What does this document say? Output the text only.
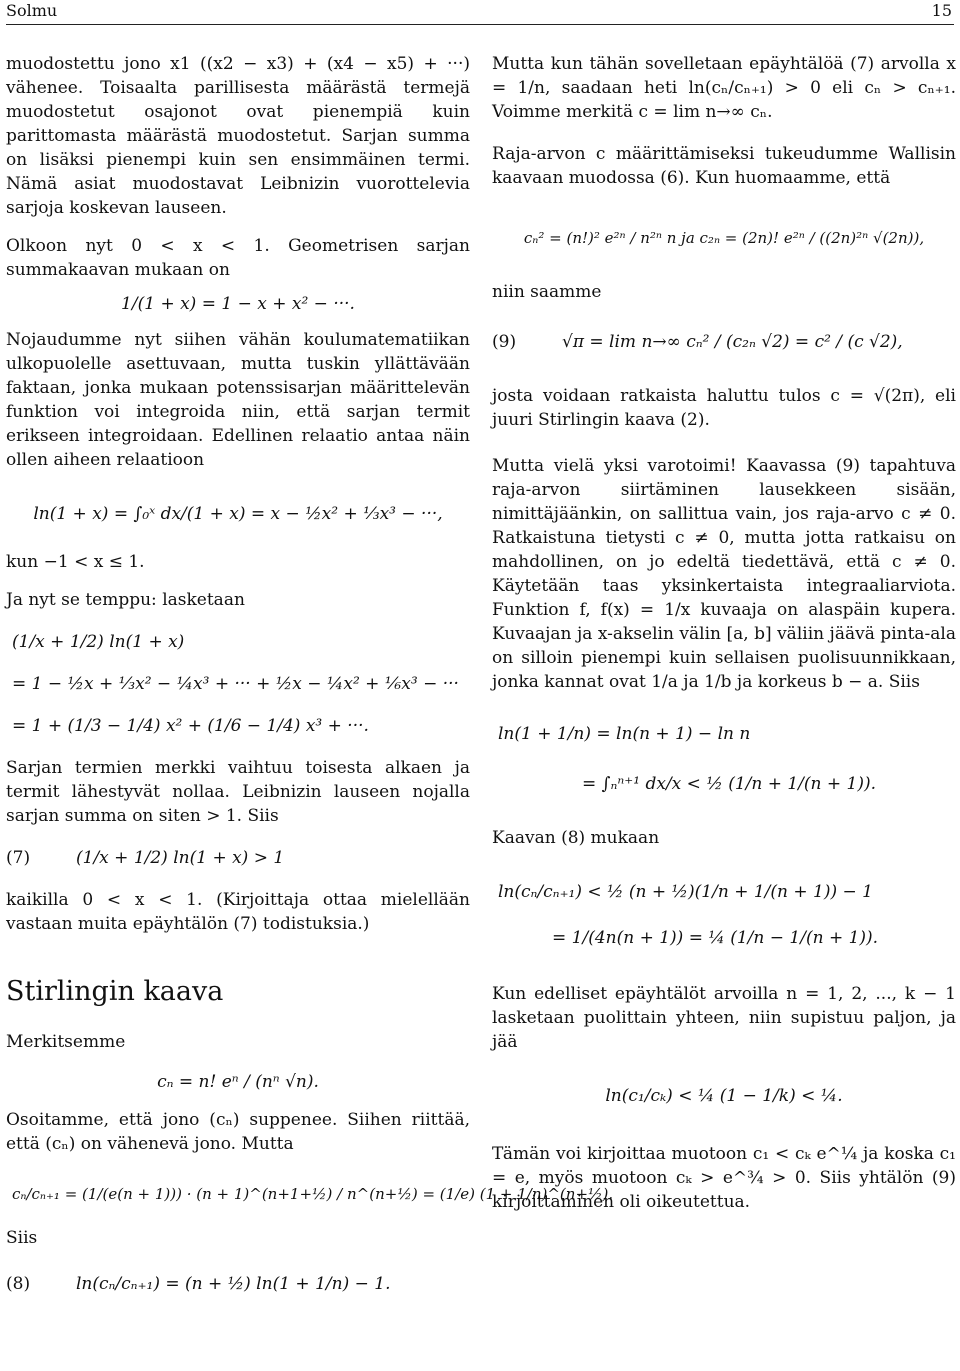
Solmu	15

muodostettu jono x1 ((x2 − x3) + (x4 − x5) + ···) vähenee. Toisaalta parillisesta määrästä termejä muodostetut osajonot ovat pienempiä kuin parittomasta määrästä muodostetut. Sarjan summa on lisäksi pienempi kuin sen ensimmäinen termi. Nämä asiat muodostavat Leibnizin vuorottelevia sarjoja koskevan lauseen.

Olkoon nyt 0 < x < 1. Geometrisen sarjan summakaavan mukaan on

1/(1 + x) = 1 − x + x² − ···.

Nojaudumme nyt siihen vähän koulumatematiikan ulkopuolelle asettuvaan, mutta tuskin yllättävään faktaan, jonka mukaan potenssisarjan määrittelevän funktion voi integroida niin, että sarjan termit erikseen integroidaan. Edellinen relaatio antaa näin ollen aiheen relaatioon

ln(1 + x) = ∫₀ˣ dx/(1 + x) = x − ½x² + ⅓x³ − ···,

kun −1 < x ≤ 1.

Ja nyt se temppu: lasketaan

(1/x + 1/2) ln(1 + x)
= 1 − ½x + ⅓x² − ¼x³ + ··· + ½x − ¼x² + ⅙x³ − ···
= 1 + (1/3 − 1/4) x² + (1/6 − 1/4) x³ + ···.

Sarjan termien merkki vaihtuu toisesta alkaen ja termit lähestyvät nollaa. Leibnizin lauseen nojalla sarjan summa on siten > 1. Siis

(7)	(1/x + 1/2) ln(1 + x) > 1

kaikilla 0 < x < 1. (Kirjoittaja ottaa mielellään vastaan muita epäyhtälön (7) todistuksia.)

Stirlingin kaava

Merkitsemme

cₙ = n! eⁿ / (nⁿ √n).

Osoitamme, että jono (cₙ) suppenee. Siihen riittää, että (cₙ) on vähenevä jono. Mutta

cₙ/cₙ₊₁ = (1/(e(n + 1))) · (n + 1)^(n+1+½) / n^(n+½) = (1/e) (1 + 1/n)^(n+½).

Siis

(8)	ln(cₙ/cₙ₊₁) = (n + ½) ln(1 + 1/n) − 1.

Mutta kun tähän sovelletaan epäyhtälöä (7) arvolla x = 1/n, saadaan heti ln(cₙ/cₙ₊₁) > 0 eli cₙ > cₙ₊₁. Voimme merkitä c = lim n→∞ cₙ.

Raja-arvon c määrittämiseksi tukeudumme Wallisin kaavaan muodossa (6). Kun huomaamme, että

cₙ² = (n!)² e²ⁿ / n²ⁿ n ja c₂ₙ = (2n)! e²ⁿ / ((2n)²ⁿ √(2n)),

niin saamme

(9)	√π = lim n→∞ cₙ² / (c₂ₙ √2) = c² / (c √2),

josta voidaan ratkaista haluttu tulos c = √(2π), eli juuri Stirlingin kaava (2).

Mutta vielä yksi varotoimi! Kaavassa (9) tapahtuva raja-arvon siirtäminen lausekkeen sisään, nimittäjäänkin, on sallittua vain, jos raja-arvo c ≠ 0. Ratkaistuna tietysti c ≠ 0, mutta jotta ratkaisu on mahdollinen, on jo edeltä tiedettävä, että c ≠ 0. Käytetään taas yksinkertaista integraaliarviota. Funktion f, f(x) = 1/x kuvaaja on alaspäin kupera. Kuvaajan ja x-akselin välin [a, b] väliin jäävä pinta-ala on silloin pienempi kuin sellaisen puolisuunnikkaan, jonka kannat ovat 1/a ja 1/b ja korkeus b − a. Siis

ln(1 + 1/n) = ln(n + 1) − ln n
= ∫ₙⁿ⁺¹ dx/x < ½ (1/n + 1/(n + 1)).

Kaavan (8) mukaan

ln(cₙ/cₙ₊₁) < ½ (n + ½)(1/n + 1/(n + 1)) − 1
= 1/(4n(n + 1)) = ¼ (1/n − 1/(n + 1)).

Kun edelliset epäyhtälöt arvoilla n = 1, 2, ..., k − 1 lasketaan puolittain yhteen, niin supistuu paljon, ja jää

ln(c₁/cₖ) < ¼ (1 − 1/k) < ¼.

Tämän voi kirjoittaa muotoon c₁ < cₖ e^¼ ja koska c₁ = e, myös muotoon cₖ > e^¾ > 0. Siis yhtälön (9) kirjoittaminen oli oikeutettua.
